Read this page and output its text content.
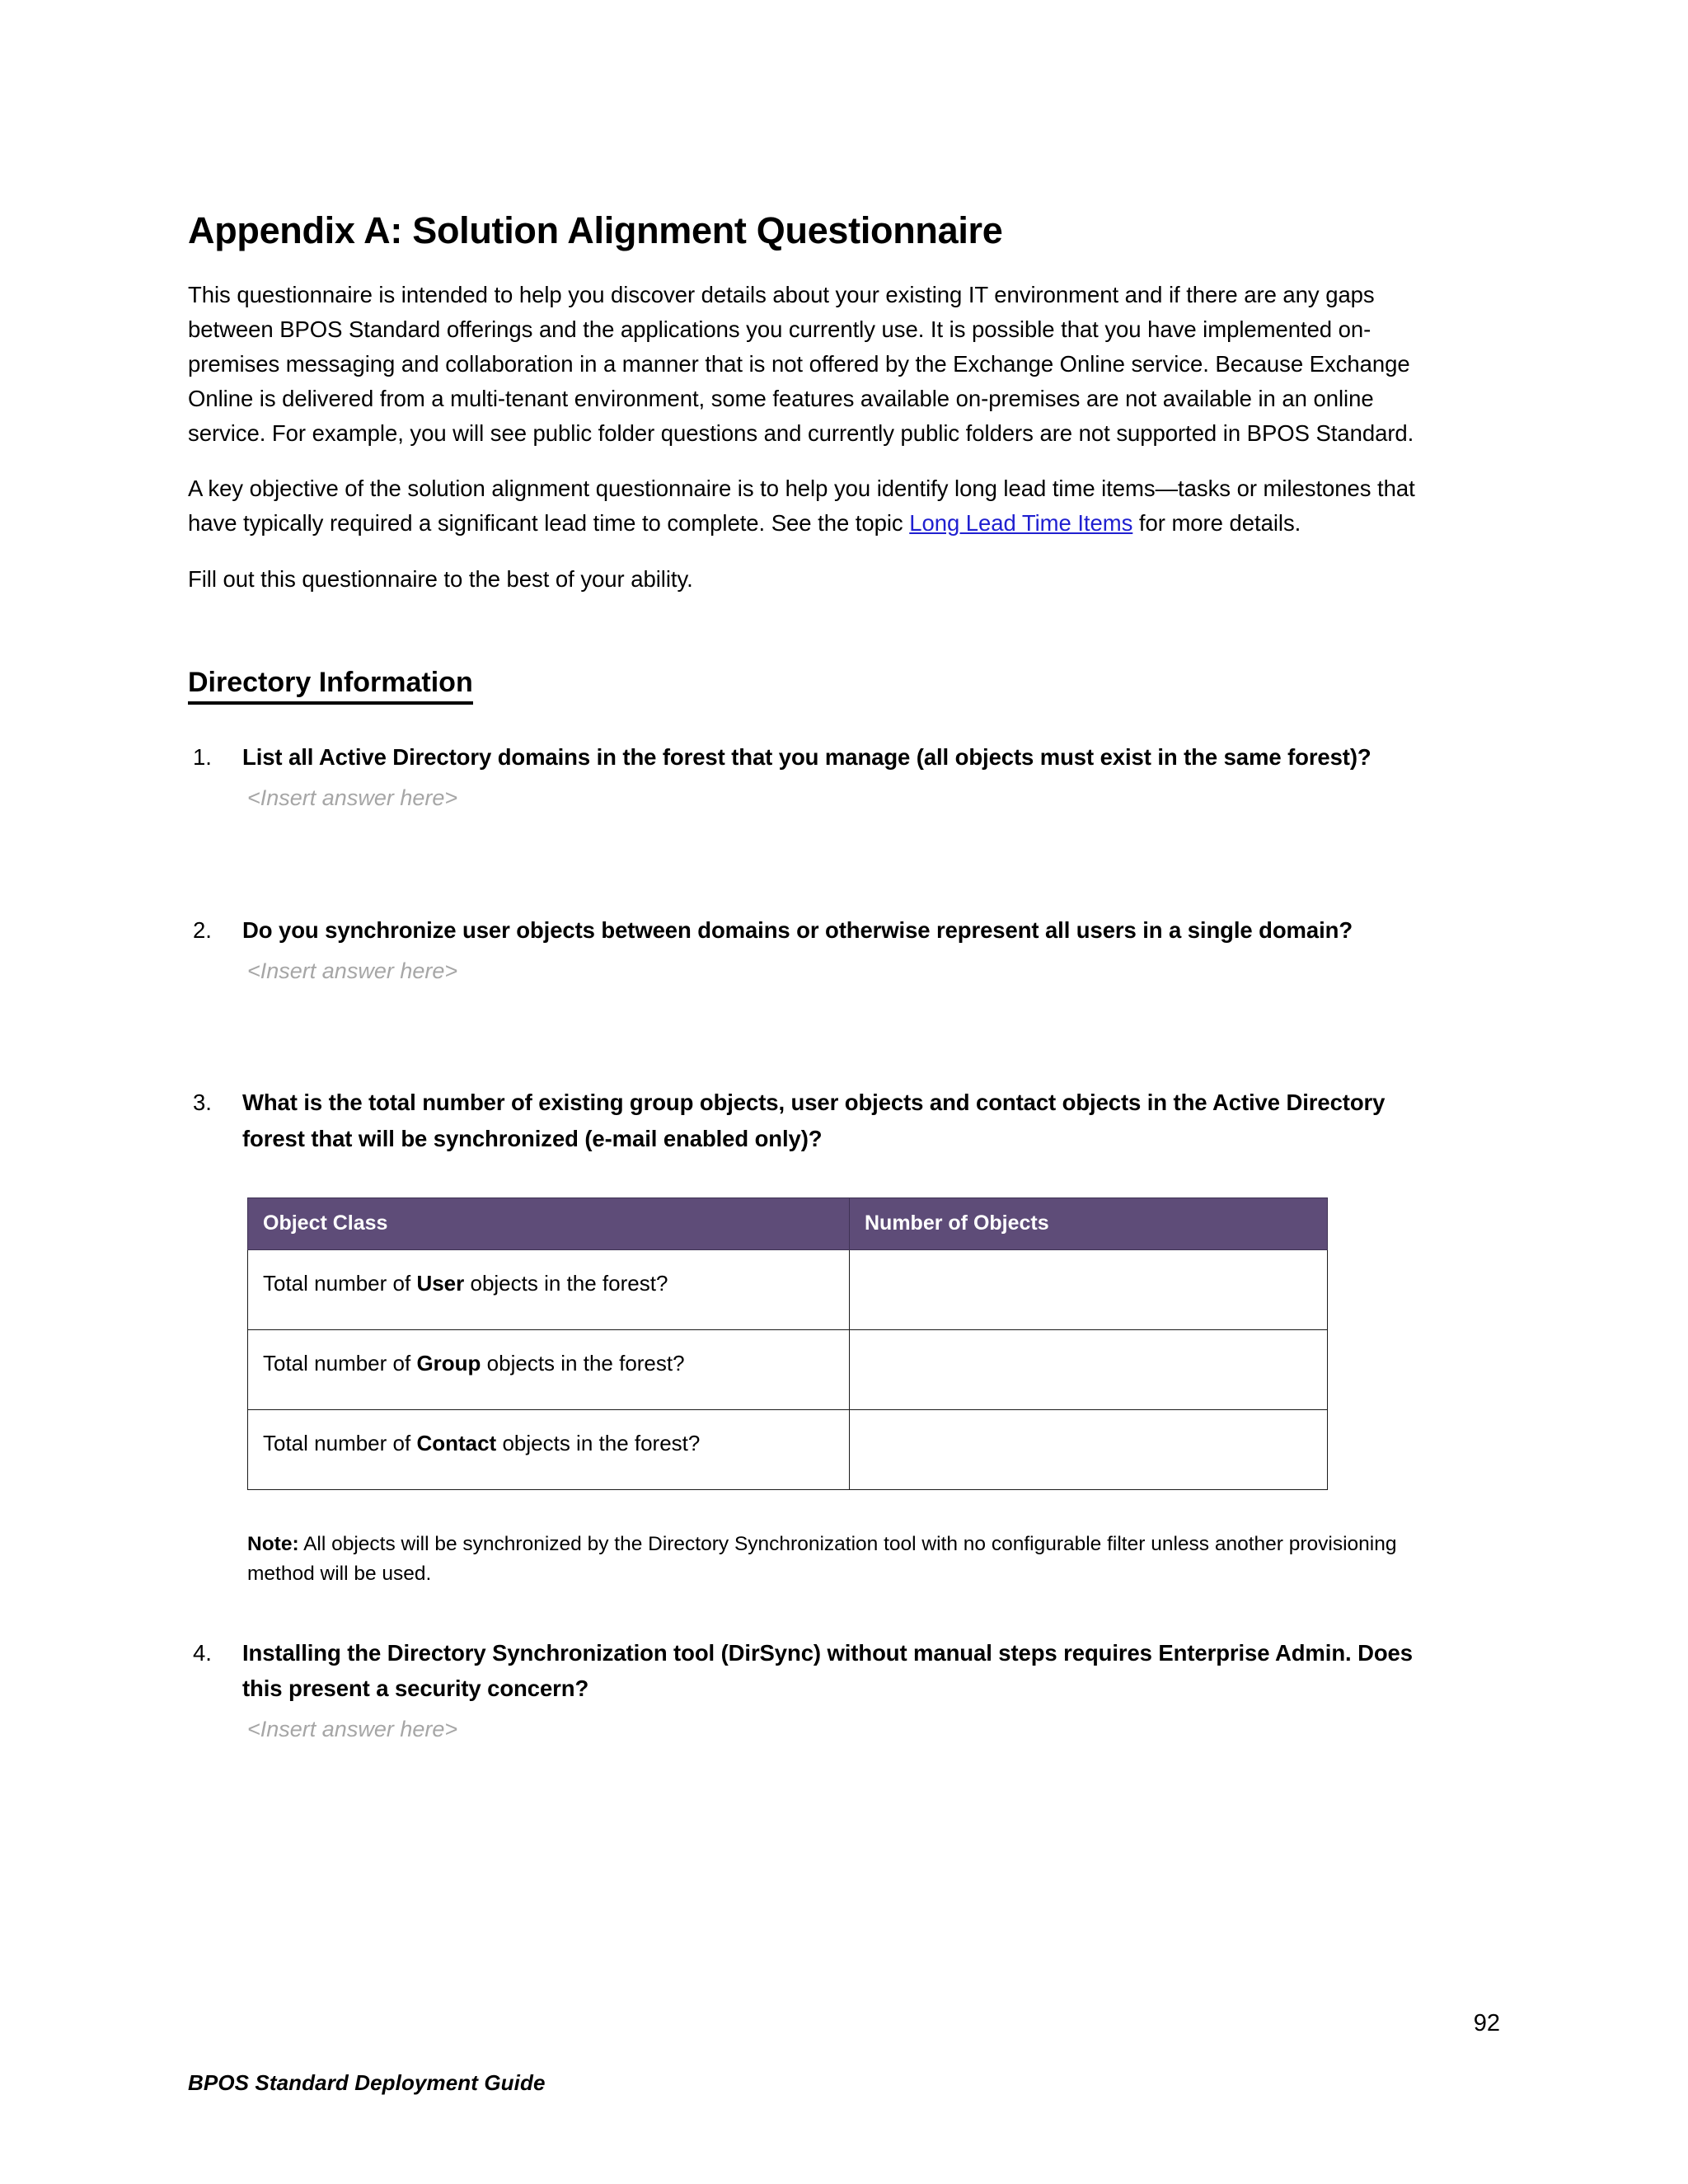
Appendix A: Solution Alignment Questionnaire

This questionnaire is intended to help you discover details about your existing IT environment and if there are any gaps between BPOS Standard offerings and the applications you currently use. It is possible that you have implemented on-premises messaging and collaboration in a manner that is not offered by the Exchange Online service. Because Exchange Online is delivered from a multi-tenant environment, some features available on-premises are not available in an online service. For example, you will see public folder questions and currently public folders are not supported in BPOS Standard.

A key objective of the solution alignment questionnaire is to help you identify long lead time items—tasks or milestones that have typically required a significant lead time to complete. See the topic Long Lead Time Items for more details.

Fill out this questionnaire to the best of your ability.

Directory Information
1. List all Active Directory domains in the forest that you manage (all objects must exist in the same forest)?
<Insert answer here>
2. Do you synchronize user objects between domains or otherwise represent all users in a single domain?
<Insert answer here>
3. What is the total number of existing group objects, user objects and contact objects in the Active Directory forest that will be synchronized (e-mail enabled only)?
Object Class	Number of Objects
Total number of User objects in the forest?	
Total number of Group objects in the forest?	
Total number of Contact objects in the forest?	
Note: All objects will be synchronized by the Directory Synchronization tool with no configurable filter unless another provisioning method will be used.
4. Installing the Directory Synchronization tool (DirSync) without manual steps requires Enterprise Admin. Does this present a security concern?
<Insert answer here>
92
BPOS Standard Deployment Guide
